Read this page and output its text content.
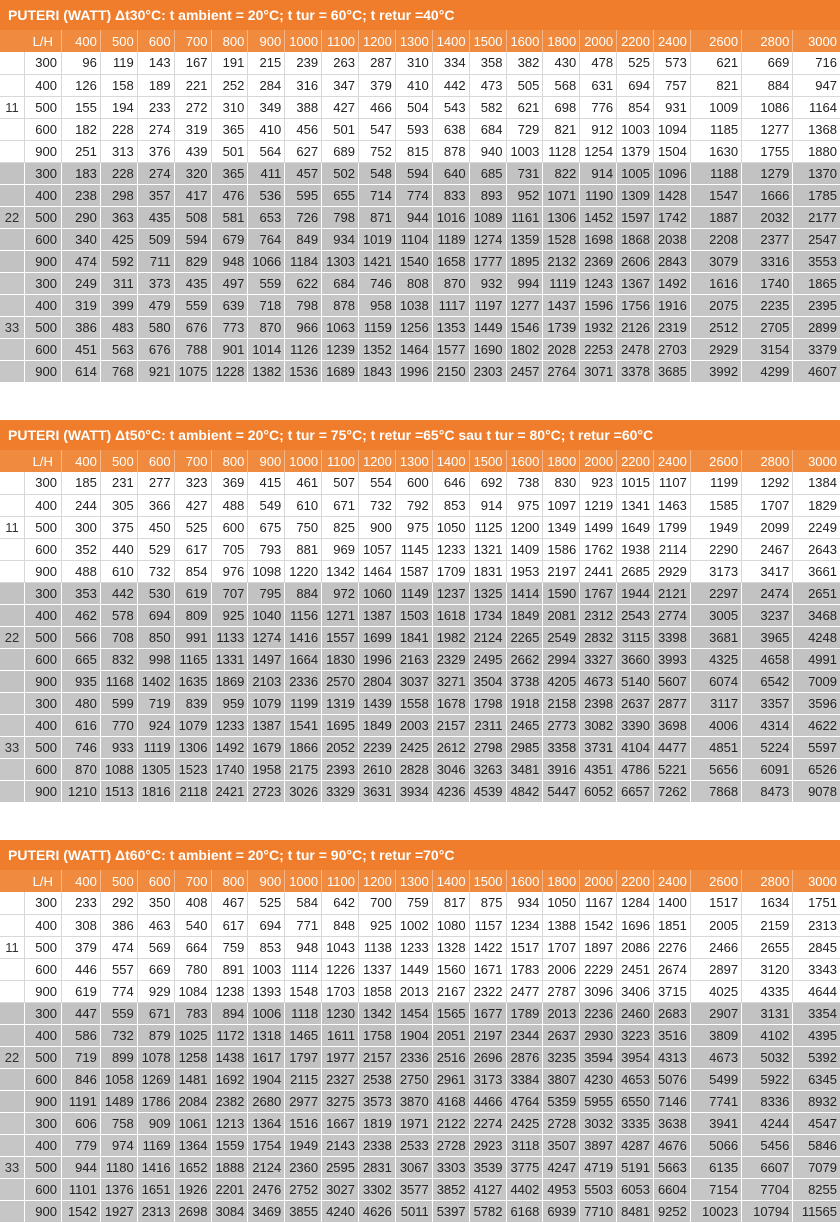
PUTERI (WATT) Δt30°C: t ambient = 20°C; t tur = 60°C; t retur =40°C
	L/H	400	500	600	700	800	900	1000	1100	1200	1300	1400	1500	1600	1800	2000	2200	2400	2600	2800	3000
	300	96	119	143	167	191	215	239	263	287	310	334	358	382	430	478	525	573	621	669	716
	400	126	158	189	221	252	284	316	347	379	410	442	473	505	568	631	694	757	821	884	947
11	500	155	194	233	272	310	349	388	427	466	504	543	582	621	698	776	854	931	1009	1086	1164
	600	182	228	274	319	365	410	456	501	547	593	638	684	729	821	912	1003	1094	1185	1277	1368
	900	251	313	376	439	501	564	627	689	752	815	878	940	1003	1128	1254	1379	1504	1630	1755	1880
	300	183	228	274	320	365	411	457	502	548	594	640	685	731	822	914	1005	1096	1188	1279	1370
	400	238	298	357	417	476	536	595	655	714	774	833	893	952	1071	1190	1309	1428	1547	1666	1785
22	500	290	363	435	508	581	653	726	798	871	944	1016	1089	1161	1306	1452	1597	1742	1887	2032	2177
	600	340	425	509	594	679	764	849	934	1019	1104	1189	1274	1359	1528	1698	1868	2038	2208	2377	2547
	900	474	592	711	829	948	1066	1184	1303	1421	1540	1658	1777	1895	2132	2369	2606	2843	3079	3316	3553
	300	249	311	373	435	497	559	622	684	746	808	870	932	994	1119	1243	1367	1492	1616	1740	1865
	400	319	399	479	559	639	718	798	878	958	1038	1117	1197	1277	1437	1596	1756	1916	2075	2235	2395
33	500	386	483	580	676	773	870	966	1063	1159	1256	1353	1449	1546	1739	1932	2126	2319	2512	2705	2899
	600	451	563	676	788	901	1014	1126	1239	1352	1464	1577	1690	1802	2028	2253	2478	2703	2929	3154	3379
	900	614	768	921	1075	1228	1382	1536	1689	1843	1996	2150	2303	2457	2764	3071	3378	3685	3992	4299	4607
PUTERI (WATT) Δt50°C: t ambient = 20°C; t tur = 75°C; t retur =65°C sau t tur = 80°C; t retur =60°C
	L/H	400	500	600	700	800	900	1000	1100	1200	1300	1400	1500	1600	1800	2000	2200	2400	2600	2800	3000
	300	185	231	277	323	369	415	461	507	554	600	646	692	738	830	923	1015	1107	1199	1292	1384
	400	244	305	366	427	488	549	610	671	732	792	853	914	975	1097	1219	1341	1463	1585	1707	1829
11	500	300	375	450	525	600	675	750	825	900	975	1050	1125	1200	1349	1499	1649	1799	1949	2099	2249
	600	352	440	529	617	705	793	881	969	1057	1145	1233	1321	1409	1586	1762	1938	2114	2290	2467	2643
	900	488	610	732	854	976	1098	1220	1342	1464	1587	1709	1831	1953	2197	2441	2685	2929	3173	3417	3661
	300	353	442	530	619	707	795	884	972	1060	1149	1237	1325	1414	1590	1767	1944	2121	2297	2474	2651
	400	462	578	694	809	925	1040	1156	1271	1387	1503	1618	1734	1849	2081	2312	2543	2774	3005	3237	3468
22	500	566	708	850	991	1133	1274	1416	1557	1699	1841	1982	2124	2265	2549	2832	3115	3398	3681	3965	4248
	600	665	832	998	1165	1331	1497	1664	1830	1996	2163	2329	2495	2662	2994	3327	3660	3993	4325	4658	4991
	900	935	1168	1402	1635	1869	2103	2336	2570	2804	3037	3271	3504	3738	4205	4673	5140	5607	6074	6542	7009
	300	480	599	719	839	959	1079	1199	1319	1439	1558	1678	1798	1918	2158	2398	2637	2877	3117	3357	3596
	400	616	770	924	1079	1233	1387	1541	1695	1849	2003	2157	2311	2465	2773	3082	3390	3698	4006	4314	4622
33	500	746	933	1119	1306	1492	1679	1866	2052	2239	2425	2612	2798	2985	3358	3731	4104	4477	4851	5224	5597
	600	870	1088	1305	1523	1740	1958	2175	2393	2610	2828	3046	3263	3481	3916	4351	4786	5221	5656	6091	6526
	900	1210	1513	1816	2118	2421	2723	3026	3329	3631	3934	4236	4539	4842	5447	6052	6657	7262	7868	8473	9078
PUTERI (WATT) Δt60°C: t ambient = 20°C; t tur = 90°C; t retur =70°C
	L/H	400	500	600	700	800	900	1000	1100	1200	1300	1400	1500	1600	1800	2000	2200	2400	2600	2800	3000
	300	233	292	350	408	467	525	584	642	700	759	817	875	934	1050	1167	1284	1400	1517	1634	1751
	400	308	386	463	540	617	694	771	848	925	1002	1080	1157	1234	1388	1542	1696	1851	2005	2159	2313
11	500	379	474	569	664	759	853	948	1043	1138	1233	1328	1422	1517	1707	1897	2086	2276	2466	2655	2845
	600	446	557	669	780	891	1003	1114	1226	1337	1449	1560	1671	1783	2006	2229	2451	2674	2897	3120	3343
	900	619	774	929	1084	1238	1393	1548	1703	1858	2013	2167	2322	2477	2787	3096	3406	3715	4025	4335	4644
	300	447	559	671	783	894	1006	1118	1230	1342	1454	1565	1677	1789	2013	2236	2460	2683	2907	3131	3354
	400	586	732	879	1025	1172	1318	1465	1611	1758	1904	2051	2197	2344	2637	2930	3223	3516	3809	4102	4395
22	500	719	899	1078	1258	1438	1617	1797	1977	2157	2336	2516	2696	2876	3235	3594	3954	4313	4673	5032	5392
	600	846	1058	1269	1481	1692	1904	2115	2327	2538	2750	2961	3173	3384	3807	4230	4653	5076	5499	5922	6345
	900	1191	1489	1786	2084	2382	2680	2977	3275	3573	3870	4168	4466	4764	5359	5955	6550	7146	7741	8336	8932
	300	606	758	909	1061	1213	1364	1516	1667	1819	1971	2122	2274	2425	2728	3032	3335	3638	3941	4244	4547
	400	779	974	1169	1364	1559	1754	1949	2143	2338	2533	2728	2923	3118	3507	3897	4287	4676	5066	5456	5846
33	500	944	1180	1416	1652	1888	2124	2360	2595	2831	3067	3303	3539	3775	4247	4719	5191	5663	6135	6607	7079
	600	1101	1376	1651	1926	2201	2476	2752	3027	3302	3577	3852	4127	4402	4953	5503	6053	6604	7154	7704	8255
	900	1542	1927	2313	2698	3084	3469	3855	4240	4626	5011	5397	5782	6168	6939	7710	8481	9252	10023	10794	11565
